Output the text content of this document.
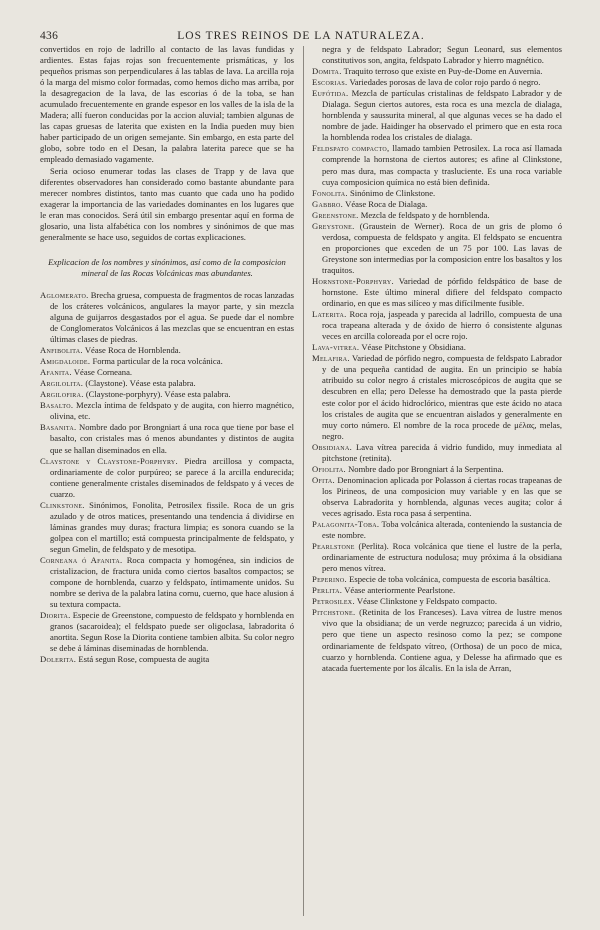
436	LOS TRES REINOS DE LA NATURALEZA.

convertidos en rojo de ladrillo al contacto de las lavas fundidas y ardientes. Estas fajas rojas son frecuentemente prismáticas, y los pequeños prismas son perpendiculares á las tablas de lava. La arcilla roja ó la marga del mismo color formadas, como hemos dicho mas arriba, por la desagregacion de la lava, de las escorias ó de la toba, se han acumulado frecuentemente en grande espesor en los valles de la isla de la Madera; allí fueron conducidas por la accion aluvial; tambien algunas de las capas gruesas de laterita que existen en la India pueden muy bien haber participado de un origen semejante. Sin embargo, en esta parte del globo, sobre todo en el Desan, la palabra laterita parece que se ha empleado demasiado vagamente.

Seria ocioso enumerar todas las clases de Trapp y de lava que diferentes observadores han considerado como bastante abundante para merecer nombres distintos, tanto mas cuanto que cada uno ha podido exagerar la importancia de las variedades dominantes en los lugares que le eran mas conocidos. Será útil sin embargo presentar aquí en forma de glosario, una lista alfabética con los nombres y sinónimos de que mas generalmente se hace uso, seguidos de cortas explicaciones.

Explicacion de los nombres y sinónimos, así como de la composicion mineral de las Rocas Volcánicas mas abundantes.

Aglomerato. Brecha gruesa, compuesta de fragmentos de rocas lanzadas de los cráteres volcánicos, angulares la mayor parte, y sin mezcla alguna de guijarros desgastados por el agua. Se puede dar el nombre de Conglomeratos Volcánicos á las mezclas que se encuentran en estas últimas clases de piedras.

Anfibolita. Véase Roca de Hornblenda.

Amigdaloide. Forma particular de la roca volcánica.

Afanita. Véase Corneana.

Argilolita. (Claystone). Véase esta palabra.

Argilofira. (Claystone-porphyry). Véase esta palabra.

Basalto. Mezcla íntima de feldspato y de augita, con hierro magnético, olivina, etc.

Basanita. Nombre dado por Brongniart á una roca que tiene por base el basalto, con cristales mas ó menos abundantes y distintos de augita que se hallan diseminados en ella.

Claystone y Claystone-Porphyry. Piedra arcillosa y compacta, ordinariamente de color purpúreo; se parece á la arcilla endurecida; contiene generalmente cristales diseminados de feldspato y á veces de cuarzo.

Clinkstone. Sinónimos, Fonolita, Petrosilex fissile. Roca de un gris azulado y de otros matices, presentando una tendencia á dividirse en láminas grandes muy duras; fractura limpia; es sonora cuando se la golpea con el martillo; está compuesta principalmente de feldspato, y segun Gmelin, de feldspato y de mesotipa.

Corneana ó Afanita. Roca compacta y homogénea, sin indicios de cristalizacion, de fractura unida como ciertos basaltos compactos; se compone de hornblenda, cuarzo y feldspato, íntimamente unidos. Su nombre se deriva de la palabra latina cornu, cuerno, que hace alusion á su textura compacta.

Diorita. Especie de Greenstone, compuesto de feldspato y hornblenda en granos (sacaroidea); el feldspato puede ser oligoclasa, labradorita ó anortita. Segun Rose la Diorita contiene tambien albita. Su color negro se debe á láminas diseminadas de hornblenda.

Dolerita. Está segun Rose, compuesta de augita

negra y de feldspato Labrador; Segun Leonard, sus elementos constitutivos son, angita, feldspato Labrador y hierro magnético.

Domita. Traquito terroso que existe en Puy-de-Dome en Auvernia.

Escorias. Variedades porosas de lava de color rojo pardo ó negro.

Eufótida. Mezcla de partículas cristalinas de feldspato Labrador y de Dialaga. Segun ciertos autores, esta roca es una mezcla de dialaga, hornblenda y saussurita mineral, al que algunas veces se ha dado el nombre de jade. Haidinger ha observado el primero que en esta roca la hornblenda rodea los cristales de dialaga.

Feldspato compacto, llamado tambien Petrosilex. La roca así llamada comprende la hornstona de ciertos autores; es afine al Clinkstone, pero mas dura, mas compacta y trasluciente. Es una roca variable cuya composicion química no está bien definida.

Fonolita. Sinónimo de Clinkstone.

Gabbro. Véase Roca de Dialaga.

Greenstone. Mezcla de feldspato y de hornblenda.

Greystone. (Graustein de Werner). Roca de un gris de plomo ó verdosa, compuesta de feldspato y angita. El feldspato se encuentra en proporciones que exceden de un 75 por 100. Las lavas de Greystone son intermedias por la composicion entre los basaltos y los traquitos.

Hornstone-Porphyry. Variedad de pórfido feldspático de base de hornstone. Este último mineral difiere del feldspato compacto ordinario, en que es mas silíceo y mas difícilmente fusible.

Laterita. Roca roja, jaspeada y parecida al ladrillo, compuesta de una roca trapeana alterada y de óxido de hierro ó consistente algunas veces en arcilla coloreada por el ocre rojo.

Lava-vitrea. Véase Pitchstone y Obsidiana.

Melafira. Variedad de pórfido negro, compuesta de feldspato Labrador y de una pequeña cantidad de augita. En un principio se había atribuido su color negro á cristales microscópicos de augita que se descubren en ella; pero Delesse ha demostrado que la pasta pierde este color por el ácido hidroclórico, mientras que este ácido no ataca los cristales de augita que se encuentran aislados y generalmente en muy corto número. El nombre de la roca procede de μέλας, melas, negro.

Obsidiana. Lava vítrea parecida á vidrio fundido, muy inmediata al pitchstone (retinita).

Ofiolita. Nombre dado por Brongniart á la Serpentina.

Ofita. Denominacion aplicada por Polasson á ciertas rocas trapeanas de los Pirineos, de una composicion muy variable y en las que se observa Labradorita y hornblenda, algunas veces augita; color á veces agrisado. Esta roca pasa á serpentina.

Palagonita-Toba. Toba volcánica alterada, conteniendo la sustancia de este nombre.

Pearlstone (Perlita). Roca volcánica que tiene el lustre de la perla, ordinariamente de estructura nodulosa; muy próxima á la obsidiana pero menos vítrea.

Peperino. Especie de toba volcánica, compuesta de escoria basáltica.

Perlita. Véase anteriormente Pearlstone.

Petrosilex. Véase Clinkstone y Feldspato compacto.

Pitchstone. (Retinita de los Franceses). Lava vítrea de lustre menos vivo que la obsidiana; de un verde negruzco; parecida á un vidrio, pero que tiene un aspecto resinoso como la pez; se compone ordinariamente de feldspato vítreo, (Orthosa) de un poco de mica, cuarzo y hornblenda. Contiene agua, y Delesse ha afirmado que es atacada fuertemente por los álcalis. En la isla de Arran,
